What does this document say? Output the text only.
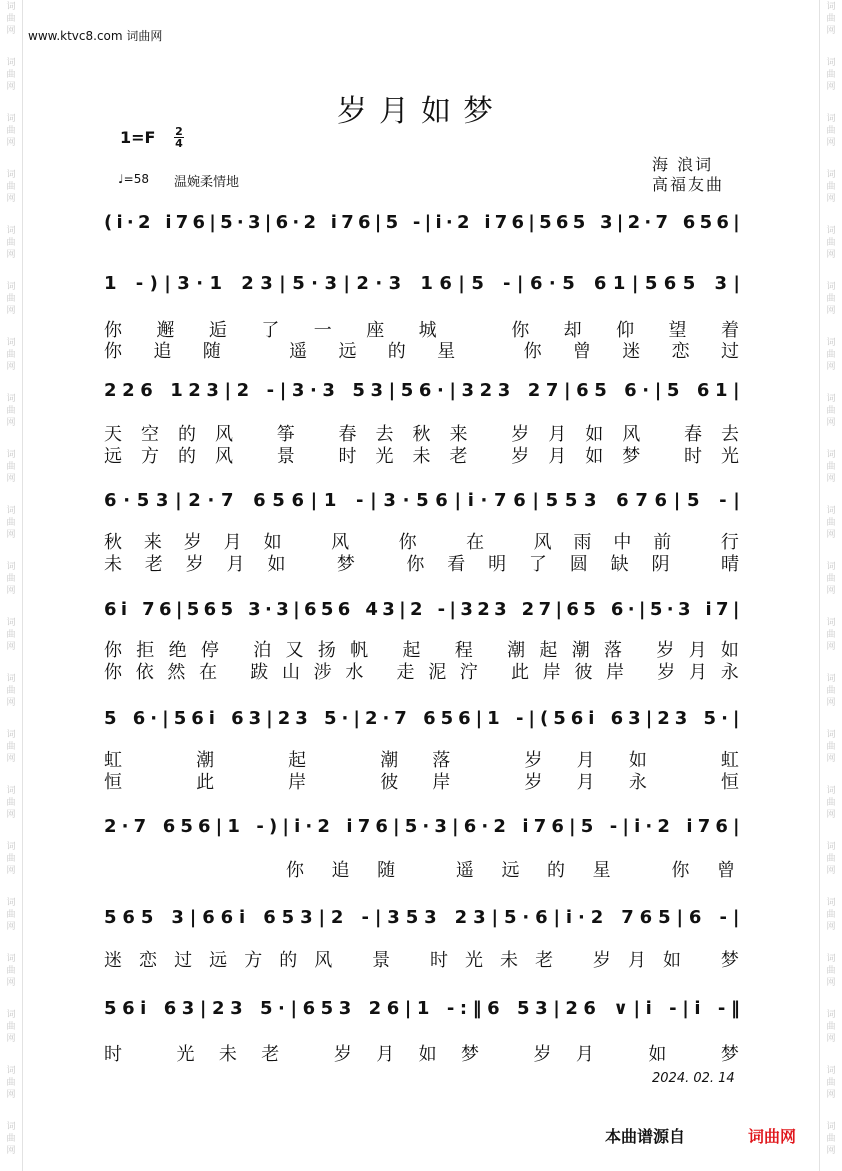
词
曲
网
词
曲
网
词
曲
网
词
曲
网
词
曲
网
词
曲
网
词
曲
网
词
曲
网
词
曲
网
词
曲
网
词
曲
网
词
曲
网
词
曲
网
词
曲
网
词
曲
网
词
曲
网
词
曲
网
词
曲
网
词
曲
网
词
曲
网
词
曲
网
词
曲
网
词
曲
网
词
曲
网
词
曲
网
词
曲
网
词
曲
网
词
曲
网
词
曲
网
词
曲
网
词
曲
网
词
曲
网
词
曲
网
词
曲
网
词
曲
网
词
曲
网
词
曲
网
词
曲
网
词
曲
网
词
曲
网
词
曲
网
词
曲
网
www.ktvc8.com 词曲网
岁月如梦
1=F 2
4
♩=58 温婉柔情地
海 浪词
高福友曲
( i · 2
i 7 6 | 5 · 3 | 6 · 2
i 7 6 | 5
- | i · 2
i 7 6 | 5 6 5
3 | 2 · 7
6 5 6 |
1
- ) | 3 · 1
2 3 | 5 · 3 | 2 · 3
1 6 | 5
- | 6 · 5
6 1 | 5 6 5
3 |
你 邂 逅 了 一 座 城
	你 却 仰 望 着
你 追 随
	遥 远 的 星
	你 曾 迷 恋 过
2 2 6
1 2 3 | 2
- | 3 · 3
5 3 | 5 6 · | 3 2 3
2 7 | 6 5
6 · | 5
6 1 |
天 空 的 风
筝
春 去 秋 来
岁 月 如 风
春 去
远 方 的 风
景
时 光 未 老
岁 月 如 梦
时 光
6 · 5 3 | 2 · 7
6 5 6 | 1
- | 3 · 5 6 | i · 7 6 | 5 5 3
6 7 6 | 5
- |
秋 来 岁 月 如
	风
	你
	在
	风 雨 中 前
	行
未 老 岁 月 如
	梦
	你 看 明 了 圆 缺 阴
	晴
6 i
7 6 | 5 6 5
3 · 3 | 6 5 6
4 3 | 2
- | 3 2 3
2 7 | 6 5
6 · | 5 · 3
i 7 |
你 拒 绝 停
泊 又 扬 帆
起
程
潮 起 潮 落
岁 月 如
你 依 然 在
跋 山 涉 水
走 泥 泞
此 岸 彼 岸
岁 月 永
5
6 · | 5 6 i
6 3 | 2 3
5 · | 2 · 7
6 5 6 | 1
- | ( 5 6 i
6 3 | 2 3
5 · |
虹
	潮
	起
	潮 落
	岁 月 如
	虹
恒
	此
	岸
	彼 岸
	岁 月 永
	恒
2 · 7
6 5 6 | 1
- ) | i · 2
i 7 6 | 5 · 3 | 6 · 2
i 7 6 | 5
- | i · 2
i 7 6 |
你 追 随
	遥 远 的 星
	你 曾
5 6 5
3 | 6 6 i
6 5 3 | 2
- | 3 5 3
2 3 | 5 · 6 | i · 2
7 6 5 | 6
- |
迷 恋 过 远 方 的 风
景
时 光 未 老
岁 月 如
梦
5 6 i
6 3 | 2 3
5 · | 6 5 3
2 6 | 1
- : ‖ 6
5 3 | 2 6
∨ | i
- | i
- ‖
时
	光 未 老
	岁 月 如 梦
	岁 月
	如
	梦
2024. 02. 14
本曲谱源自	词曲网
